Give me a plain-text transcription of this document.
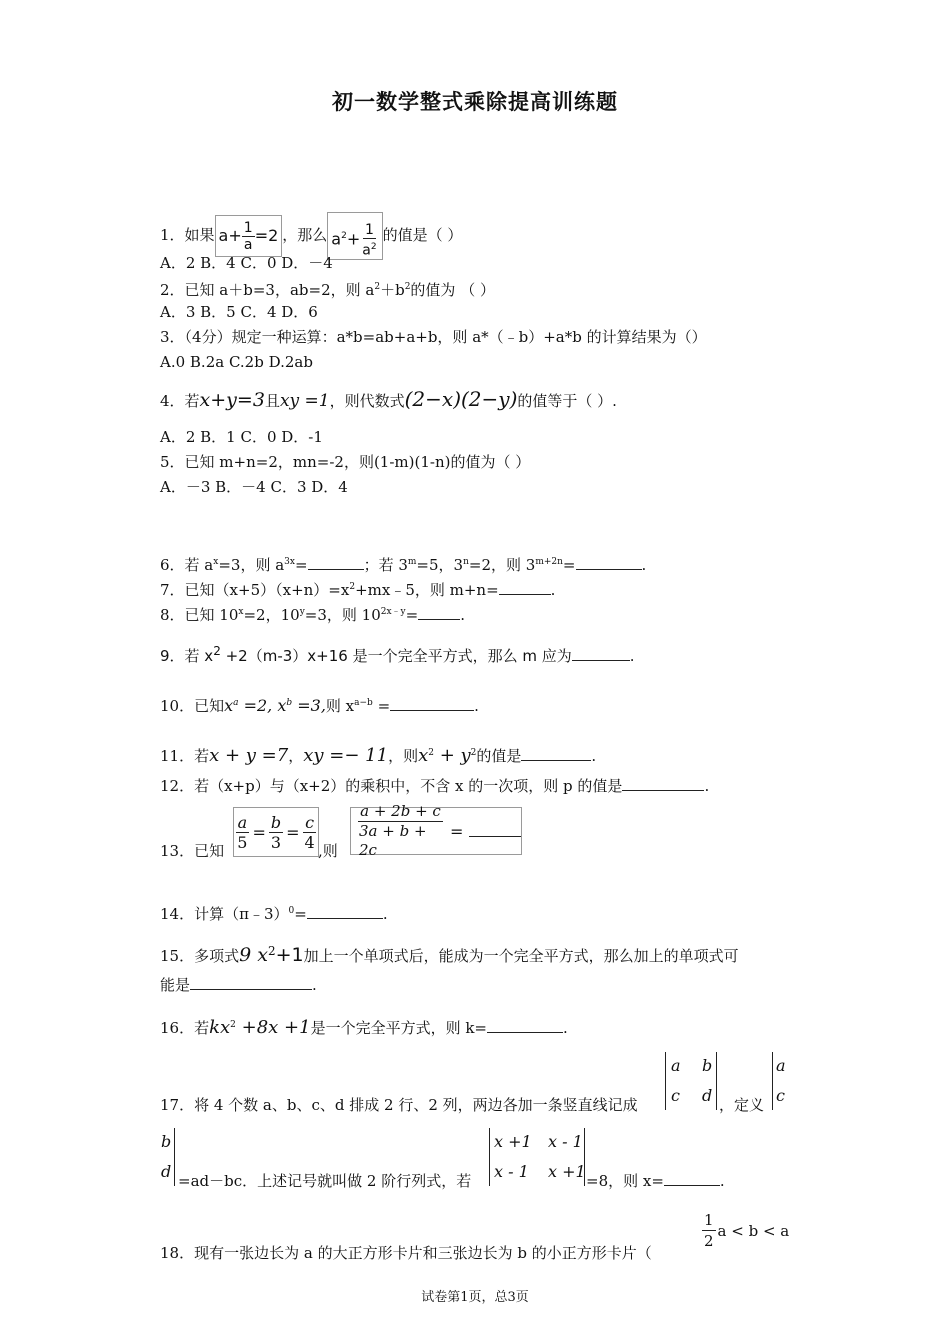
初一数学整式乘除提高训练题
1．如果 $a+ \frac{1}{a} =2$ ，那么 $a^2+ \frac{1}{a^2}$ 的值是（ ）
A．2 B．4 C．0 D．－4
2．已知 a＋b=3，ab=2，则 $a^2+b^2$的值为 （ ）
A．3 B．5 C．4 D．6
3．（4分）规定一种运算：a*b=ab+a+b，则 a*（﹣b）+a*b 的计算结果为（）
A.0 B.2a C.2b D.2ab
4．若x+y=3且xy =1，则代数式(2−x)(2−y)的值等于（ ）.
A．2 B．1 C．0 D．-1
5．已知 m+n=2，mn=-2，则(1-m)(1-n)的值为（ ）
A．－3 B．－4 C．3 D．4
6．若 $a^x=3$，则 $a^{3x}=$	；若 $3^m=5$，$3^n=2$，则 $3^{m+2n}=$	.
7．已知$(x+5)(x+n)=x^2+mx﹣5$，则 m+n=	.
8．已知 $10^x=2$，$10^y=3$，则 $10^{2x﹣y}=$	.
9．若 $x^2 +2(m-3)x+16$ 是一个完全平方式，那么 m 应为	.
10．已知$x^a =2$, $x^b =3$,则 $x^{a-b}$ =	.
11．若x + y =7，xy =− 11，则$x^2 + y^2$的值是	.
12．若（x+p）与（x+2）的乘积中，不含 x 的一次项，则 p 的值是	.
13．已知 $\frac{a}{5} = \frac{b}{3} = \frac{c}{4}$ ,则 $\frac{a + 2b + c}{3a + b + 2c}$ =
14．计算（π﹣3）$^0$=	.
15．多项式9 $x^2+1$加上一个单项式后，能成为一个完全平方式，那么加上的单项式可
能是	.
16．若$kx^2 +8x +1$是一个完全平方式，则 k=	.
17．将 4 个数 a、b、c、d 排成 2 行、2 列，两边各加一条竖直线记成
a b
c d ，定义
a
c
b
d =ad－bc．上述记号就叫做 2 阶行列式，若
x +1 x - 1
x - 1 x +1 =8，则 x=	.
18．现有一张边长为 a 的大正方形卡片和三张边长为 b 的小正方形卡片（
$\frac{1}{2}$ a < b < a
试卷第1页，总3页
